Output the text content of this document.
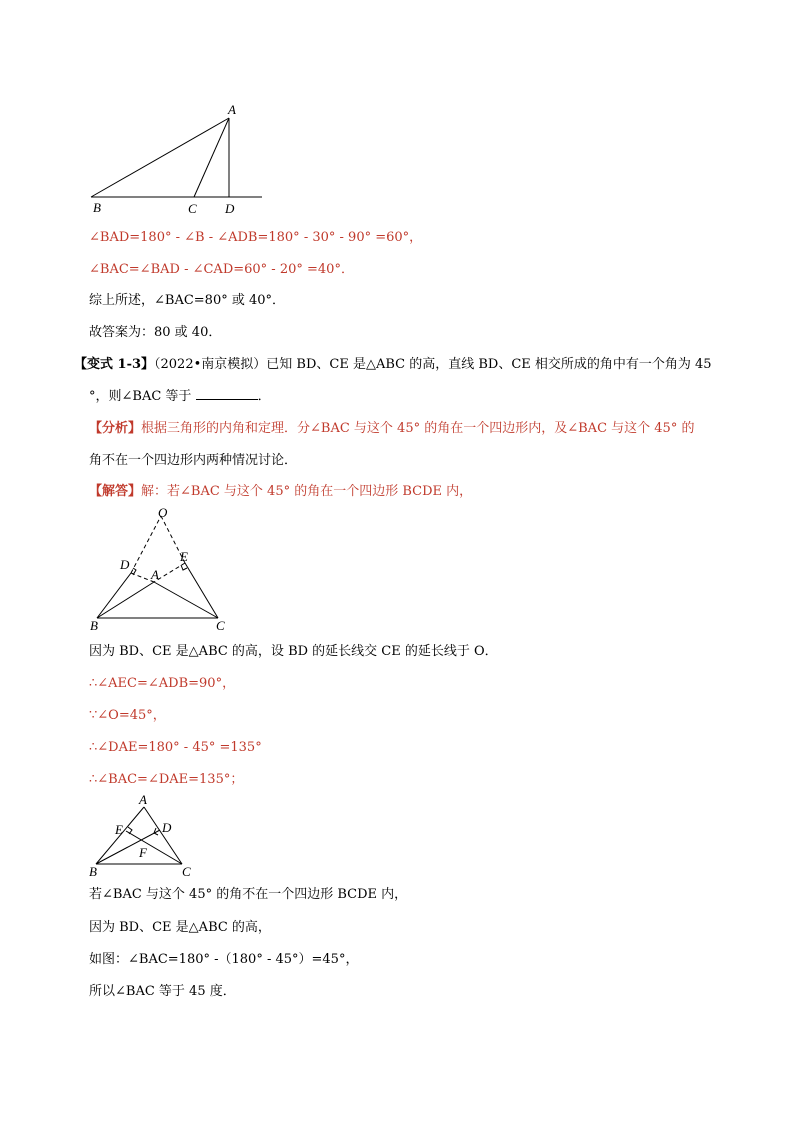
A
B	C D
∠BAD=180° - ∠B - ∠ADB=180° - 30° - 90° =60°，
∠BAC=∠BAD - ∠CAD=60° - 20° =40°．
综上所述，∠BAC=80° 或 40°．
故答案为：80 或 40．
【变式 1-3】（2022•南京模拟）已知 BD、CE 是△ABC 的高，直线 BD、CE 相交所成的角中有一个角为 45
°，则∠BAC 等于	．
【分析】根据三角形的内角和定理．分∠BAC 与这个 45° 的角在一个四边形内，及∠BAC 与这个 45° 的
角不在一个四边形内两种情况讨论．
【解答】解：若∠BAC 与这个 45° 的角在一个四边形 BCDE 内，
O
D
E
A
B	C
因为 BD、CE 是△ABC 的高，设 BD 的延长线交 CE 的延长线于 O．
∴∠AEC=∠ADB=90°，
∵∠O=45°，
∴∠DAE=180° - 45° =135°
∴∠BAC=∠DAE=135°；
A
E	D
F
B	C
若∠BAC 与这个 45° 的角不在一个四边形 BCDE 内，
因为 BD、CE 是△ABC 的高，
如图：∠BAC=180° -（180° - 45°）=45°，
所以∠BAC 等于 45 度．
